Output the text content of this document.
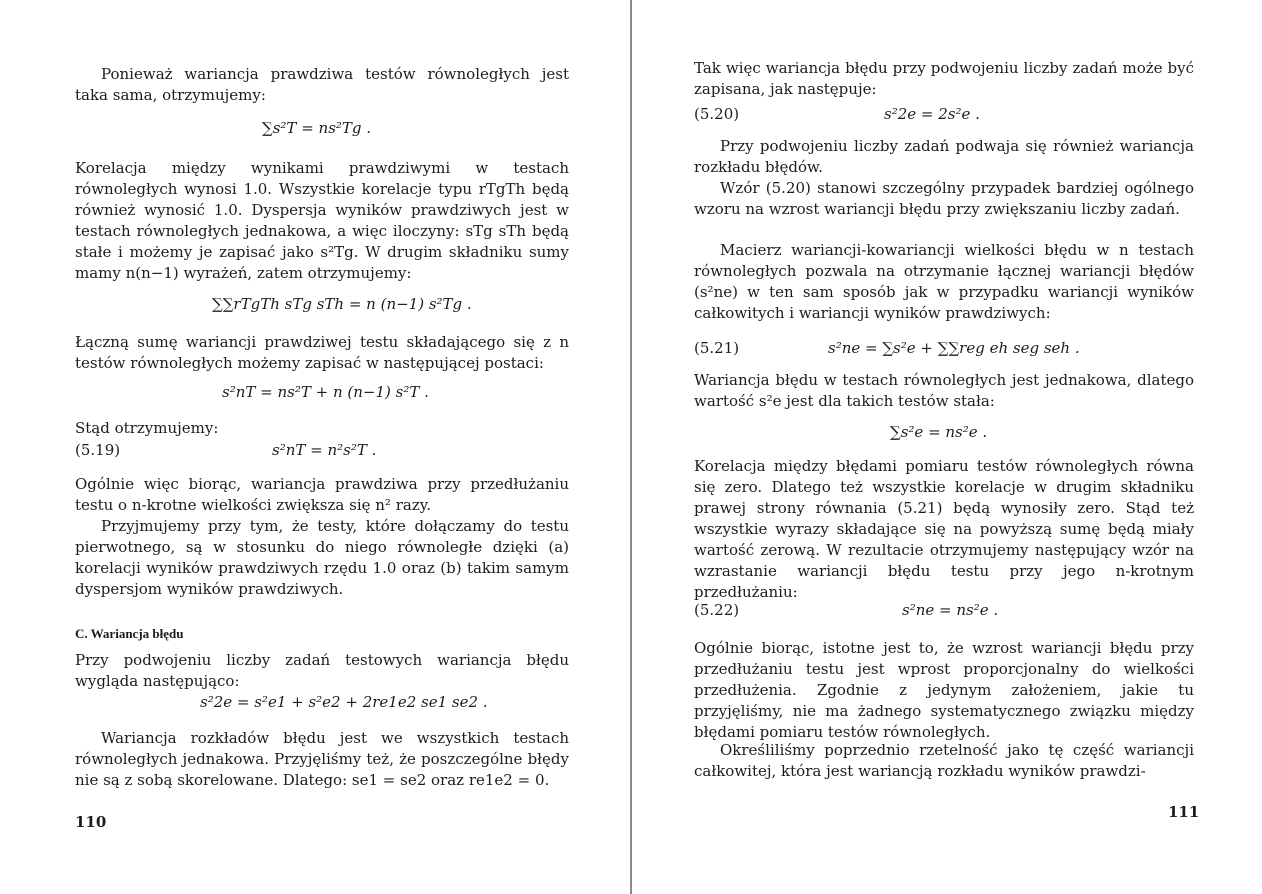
Ponieważ wariancja prawdziwa testów równoległych jest taka sama, otrzymujemy:

∑s²T = ns²Tg .

Korelacja między wynikami prawdziwymi w testach równoległych wynosi 1.0. Wszystkie korelacje typu rTgTh będą również wynosić 1.0. Dyspersja wyników prawdziwych jest w testach równoległych jednakowa, a więc iloczyny: sTg sTh będą stałe i możemy je zapisać jako s²Tg. W drugim składniku sumy mamy n(n−1) wyrażeń, zatem otrzymujemy:

∑∑rTgTh sTg sTh = n (n−1) s²Tg .

Łączną sumę wariancji prawdziwej testu składającego się z n testów równoległych możemy zapisać w następującej postaci:

s²nT = ns²T + n (n−1) s²T .

Stąd otrzymujemy:

(5.19)	s²nT = n²s²T .

Ogólnie więc biorąc, wariancja prawdziwa przy przedłużaniu testu o n-krotne wielkości zwiększa się n² razy.

Przyjmujemy przy tym, że testy, które dołączamy do testu pierwotnego, są w stosunku do niego równoległe dzięki (a) korelacji wyników prawdziwych rzędu 1.0 oraz (b) takim samym dyspersjom wyników prawdziwych.

C. Wariancja błędu

Przy podwojeniu liczby zadań testowych wariancja błędu wygląda następująco:

s²2e = s²e1 + s²e2 + 2re1e2 se1 se2 .

Wariancja rozkładów błędu jest we wszystkich testach równoległych jednakowa. Przyjęliśmy też, że poszczególne błędy nie są z sobą skorelowane. Dlatego: se1 = se2 oraz re1e2 = 0.

110

Tak więc wariancja błędu przy podwojeniu liczby zadań może być zapisana, jak następuje:

(5.20)	s²2e = 2s²e .

Przy podwojeniu liczby zadań podwaja się również wariancja rozkładu błędów.

Wzór (5.20) stanowi szczególny przypadek bardziej ogólnego wzoru na wzrost wariancji błędu przy zwiększaniu liczby zadań.

Macierz wariancji-kowariancji wielkości błędu w n testach równoległych pozwala na otrzymanie łącznej wariancji błędów (s²ne) w ten sam sposób jak w przypadku wariancji wyników całkowitych i wariancji wyników prawdziwych:

(5.21)	s²ne = ∑s²e + ∑∑reg eh seg seh .

Wariancja błędu w testach równoległych jest jednakowa, dlatego wartość s²e jest dla takich testów stała:

∑s²e = ns²e .

Korelacja między błędami pomiaru testów równoległych równa się zero. Dlatego też wszystkie korelacje w drugim składniku prawej strony równania (5.21) będą wynosiły zero. Stąd też wszystkie wyrazy składające się na powyższą sumę będą miały wartość zerową. W rezultacie otrzymujemy następujący wzór na wzrastanie wariancji błędu testu przy jego n-krotnym przedłużaniu:

(5.22)	s²ne = ns²e .

Ogólnie biorąc, istotne jest to, że wzrost wariancji błędu przy przedłużaniu testu jest wprost proporcjonalny do wielkości przedłużenia. Zgodnie z jedynym założeniem, jakie tu przyjęliśmy, nie ma żadnego systematycznego związku między błędami pomiaru testów równoległych.

Określiliśmy poprzednio rzetelność jako tę część wariancji całkowitej, która jest wariancją rozkładu wyników prawdzi-

111
